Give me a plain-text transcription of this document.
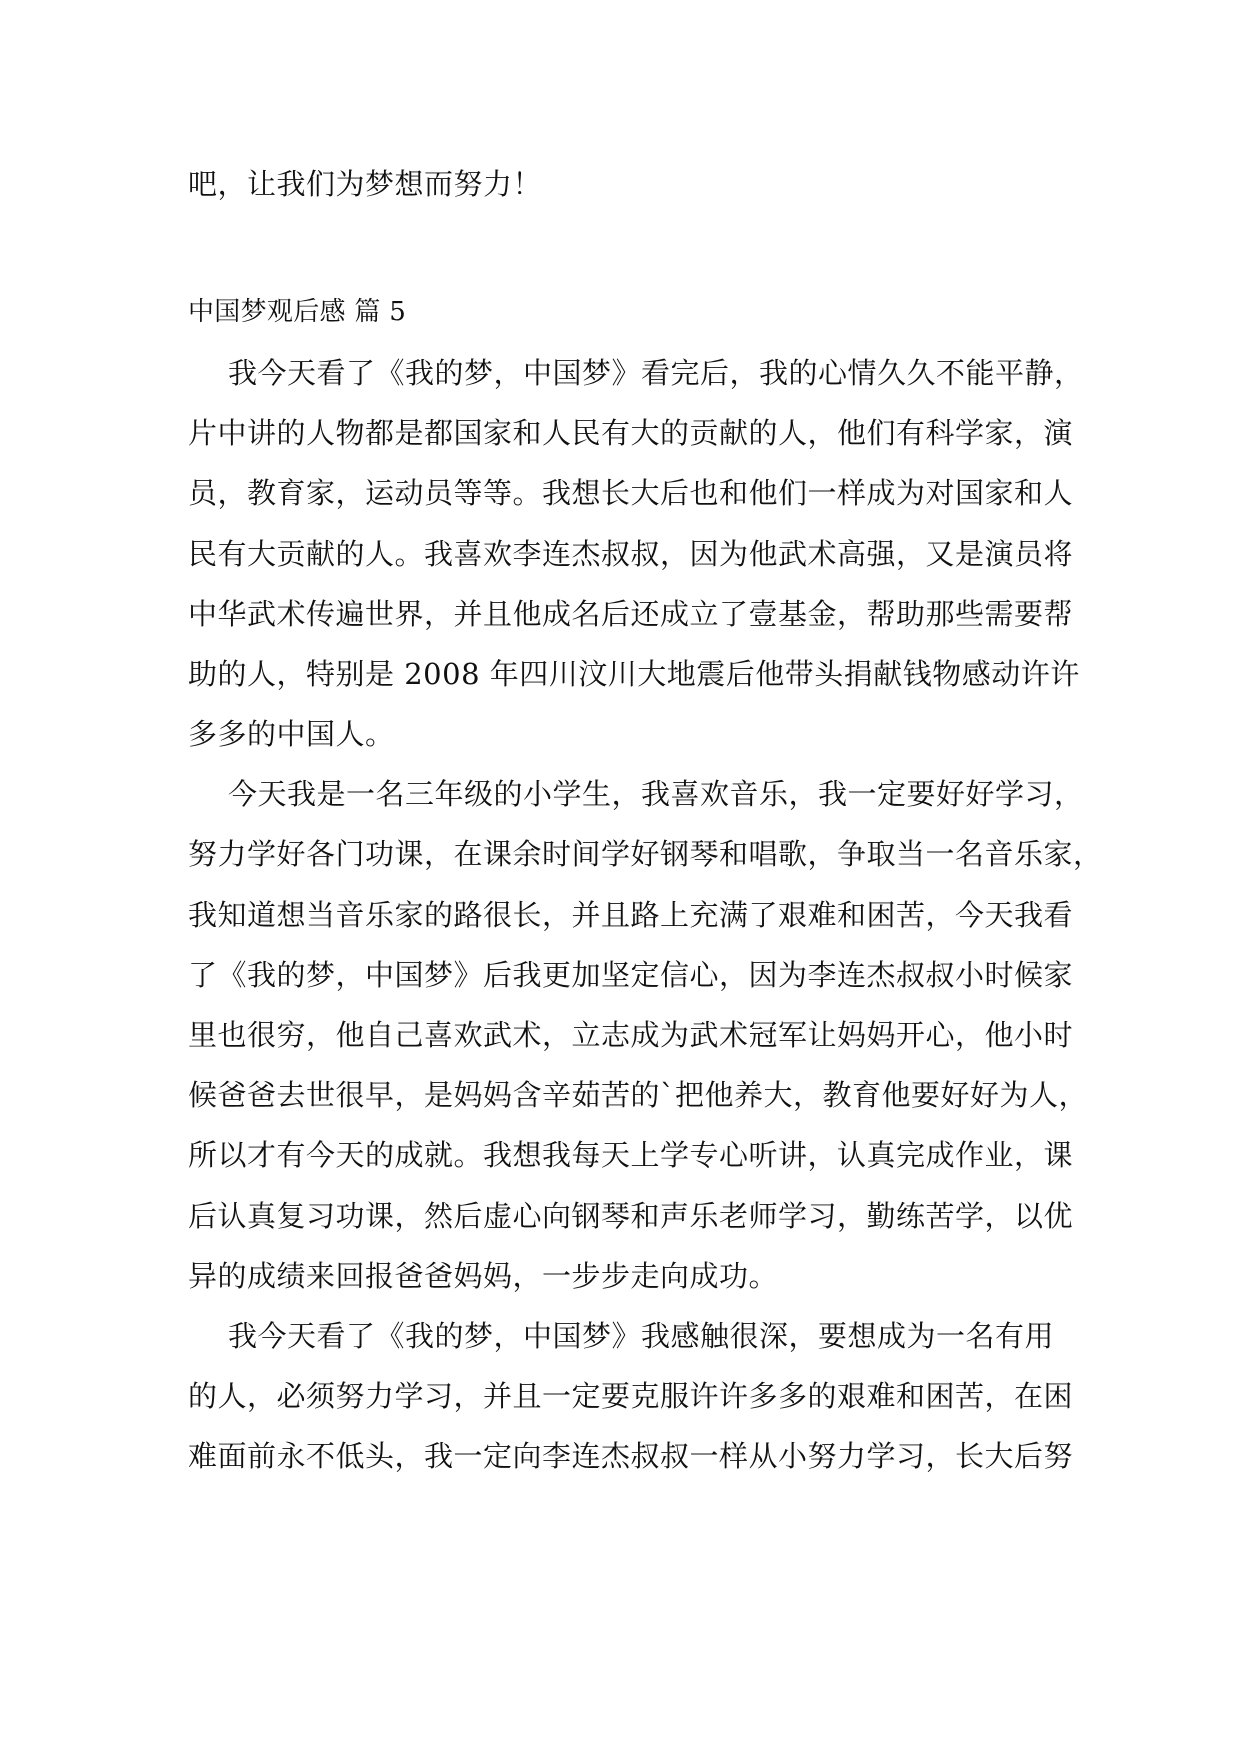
吧，让我们为梦想而努力！
中国梦观后感 篇 5
我今天看了《我的梦，中国梦》看完后，我的心情久久不能平静，
片中讲的人物都是都国家和人民有大的贡献的人，他们有科学家，演
员，教育家，运动员等等。我想长大后也和他们一样成为对国家和人
民有大贡献的人。我喜欢李连杰叔叔，因为他武术高强，又是演员将
中华武术传遍世界，并且他成名后还成立了壹基金，帮助那些需要帮
助的人，特别是 2008 年四川汶川大地震后他带头捐献钱物感动许许
多多的中国人。
今天我是一名三年级的小学生，我喜欢音乐，我一定要好好学习，
努力学好各门功课，在课余时间学好钢琴和唱歌，争取当一名音乐家，
我知道想当音乐家的路很长，并且路上充满了艰难和困苦，今天我看
了《我的梦，中国梦》后我更加坚定信心，因为李连杰叔叔小时候家
里也很穷，他自己喜欢武术，立志成为武术冠军让妈妈开心，他小时
候爸爸去世很早，是妈妈含辛茹苦的`把他养大，教育他要好好为人，
所以才有今天的成就。我想我每天上学专心听讲，认真完成作业，课
后认真复习功课，然后虚心向钢琴和声乐老师学习，勤练苦学，以优
异的成绩来回报爸爸妈妈，一步步走向成功。
我今天看了《我的梦，中国梦》我感触很深，要想成为一名有用
的人，必须努力学习，并且一定要克服许许多多的艰难和困苦，在困
难面前永不低头，我一定向李连杰叔叔一样从小努力学习，长大后努
